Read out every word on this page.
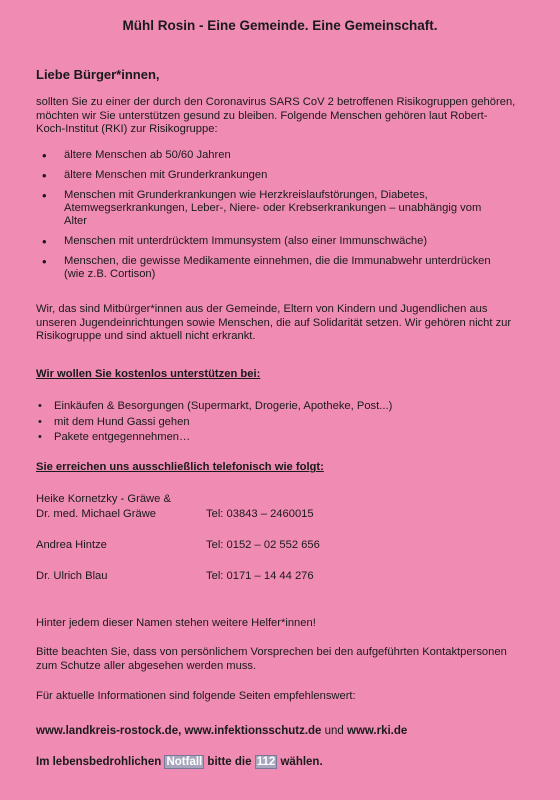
Mühl Rosin - Eine Gemeinde. Eine Gemeinschaft.
Liebe Bürger*innen,

sollten Sie zu einer der durch den Coronavirus SARS CoV 2 betroffenen Risikogruppen gehören, möchten wir Sie unterstützen gesund zu bleiben. Folgende Menschen gehören laut Robert-Koch-Institut (RKI) zur Risikogruppe:

• ältere Menschen ab 50/60 Jahren
• ältere Menschen mit Grunderkrankungen
• Menschen mit Grunderkrankungen wie Herzkreislaufstörungen, Diabetes, Atemwegserkrankungen, Leber-, Niere- oder Krebserkrankungen – unabhängig vom Alter
• Menschen mit unterdrücktem Immunsystem (also einer Immunschwäche)
• Menschen, die gewisse Medikamente einnehmen, die die Immunabwehr unterdrücken (wie z.B. Cortison)

Wir, das sind Mitbürger*innen aus der Gemeinde, Eltern von Kindern und Jugendlichen aus unseren Jugendeinrichtungen sowie Menschen, die auf Solidarität setzen. Wir gehören nicht zur Risikogruppe und sind aktuell nicht erkrankt.

Wir wollen Sie kostenlos unterstützen bei:
• Einkäufen & Besorgungen (Supermarkt, Drogerie, Apotheke, Post...)
• mit dem Hund Gassi gehen
• Pakete entgegennehmen…
Sie erreichen uns ausschließlich telefonisch wie folgt:
Heike Kornetzky - Gräwe &
Dr. med. Michael Gräwe	Tel: 03843 – 2460015
Andrea Hintze	Tel: 0152 – 02 552 656
Dr. Ulrich Blau	Tel: 0171 – 14 44 276

Hinter jedem dieser Namen stehen weitere Helfer*innen!

Bitte beachten Sie, dass von persönlichem Vorsprechen bei den aufgeführten Kontaktpersonen zum Schutze aller abgesehen werden muss.

Für aktuelle Informationen sind folgende Seiten empfehlenswert:

www.landkreis-rostock.de, www.infektionsschutz.de und www.rki.de
Im lebensbedrohlichen Notfall bitte die 112 wählen.
